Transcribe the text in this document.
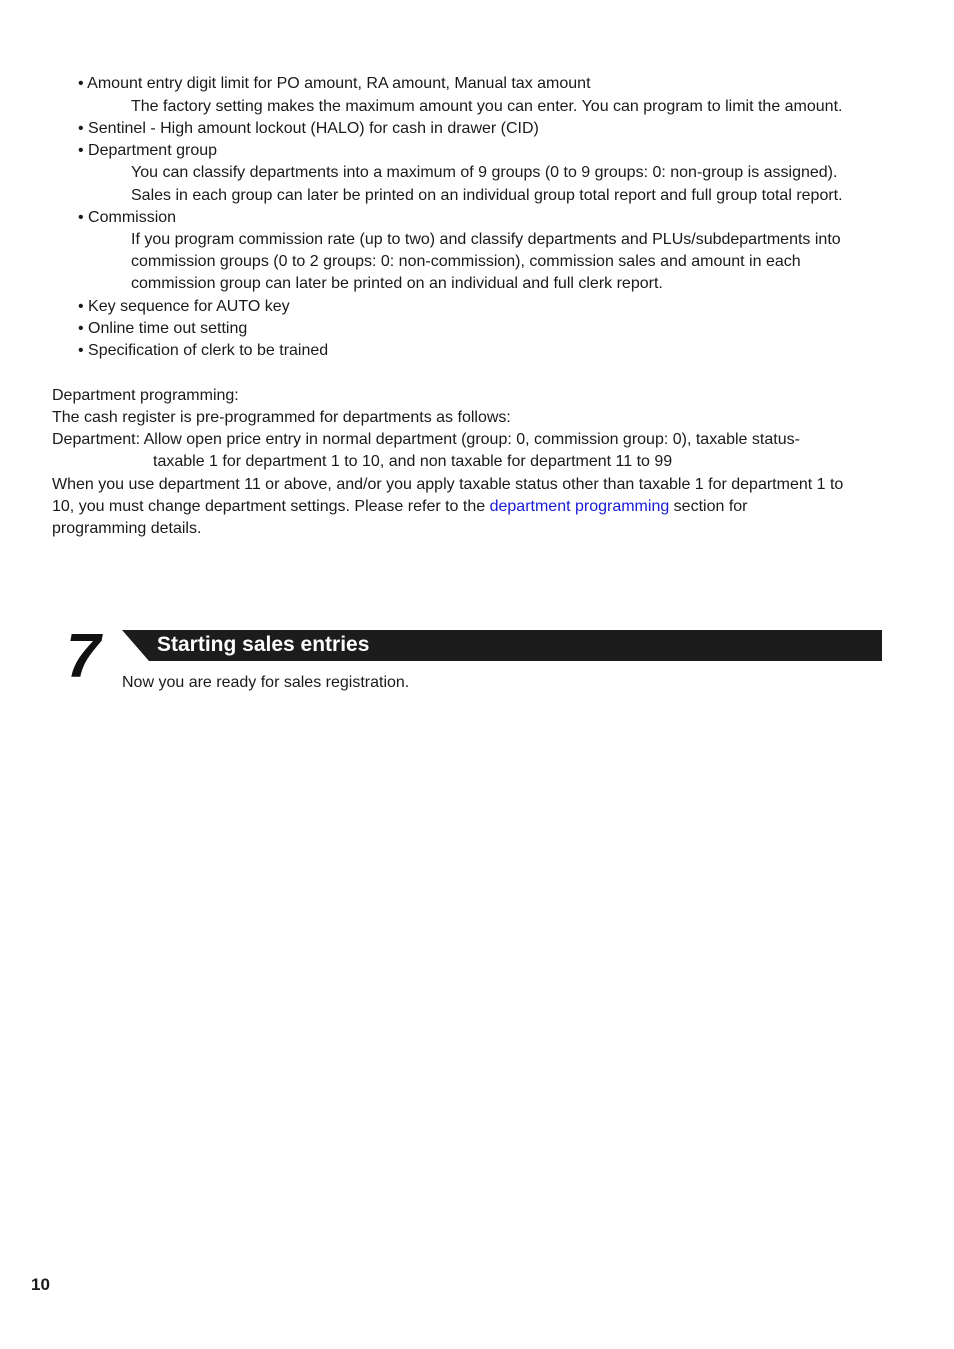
• Amount entry digit limit for PO amount, RA amount, Manual tax amount
The factory setting makes the maximum amount you can enter. You can program to limit the amount.
• Sentinel - High amount lockout (HALO) for cash in drawer (CID)
• Department group
You can classify departments into a maximum of 9 groups (0 to 9 groups: 0: non-group is assigned).
Sales in each group can later be printed on an individual group total report and full group total report.
• Commission
If you program commission rate (up to two) and classify departments and PLUs/subdepartments into
commission groups (0 to 2 groups: 0: non-commission), commission sales and amount in each
commission group can later be printed on an individual and full clerk report.
• Key sequence for AUTO key
• Online time out setting
• Specification of clerk to be trained
Department programming:
The cash register is pre-programmed for departments as follows:
Department: Allow open price entry in normal department (group: 0, commission group: 0), taxable status-
taxable 1 for department 1 to 10, and non taxable for department 11 to 99
When you use department 11 or above, and/or you apply taxable status other than taxable 1 for department 1 to
10, you must change department settings. Please refer to the department programming section for
programming details.
7	Starting sales entries
Now you are ready for sales registration.
10
